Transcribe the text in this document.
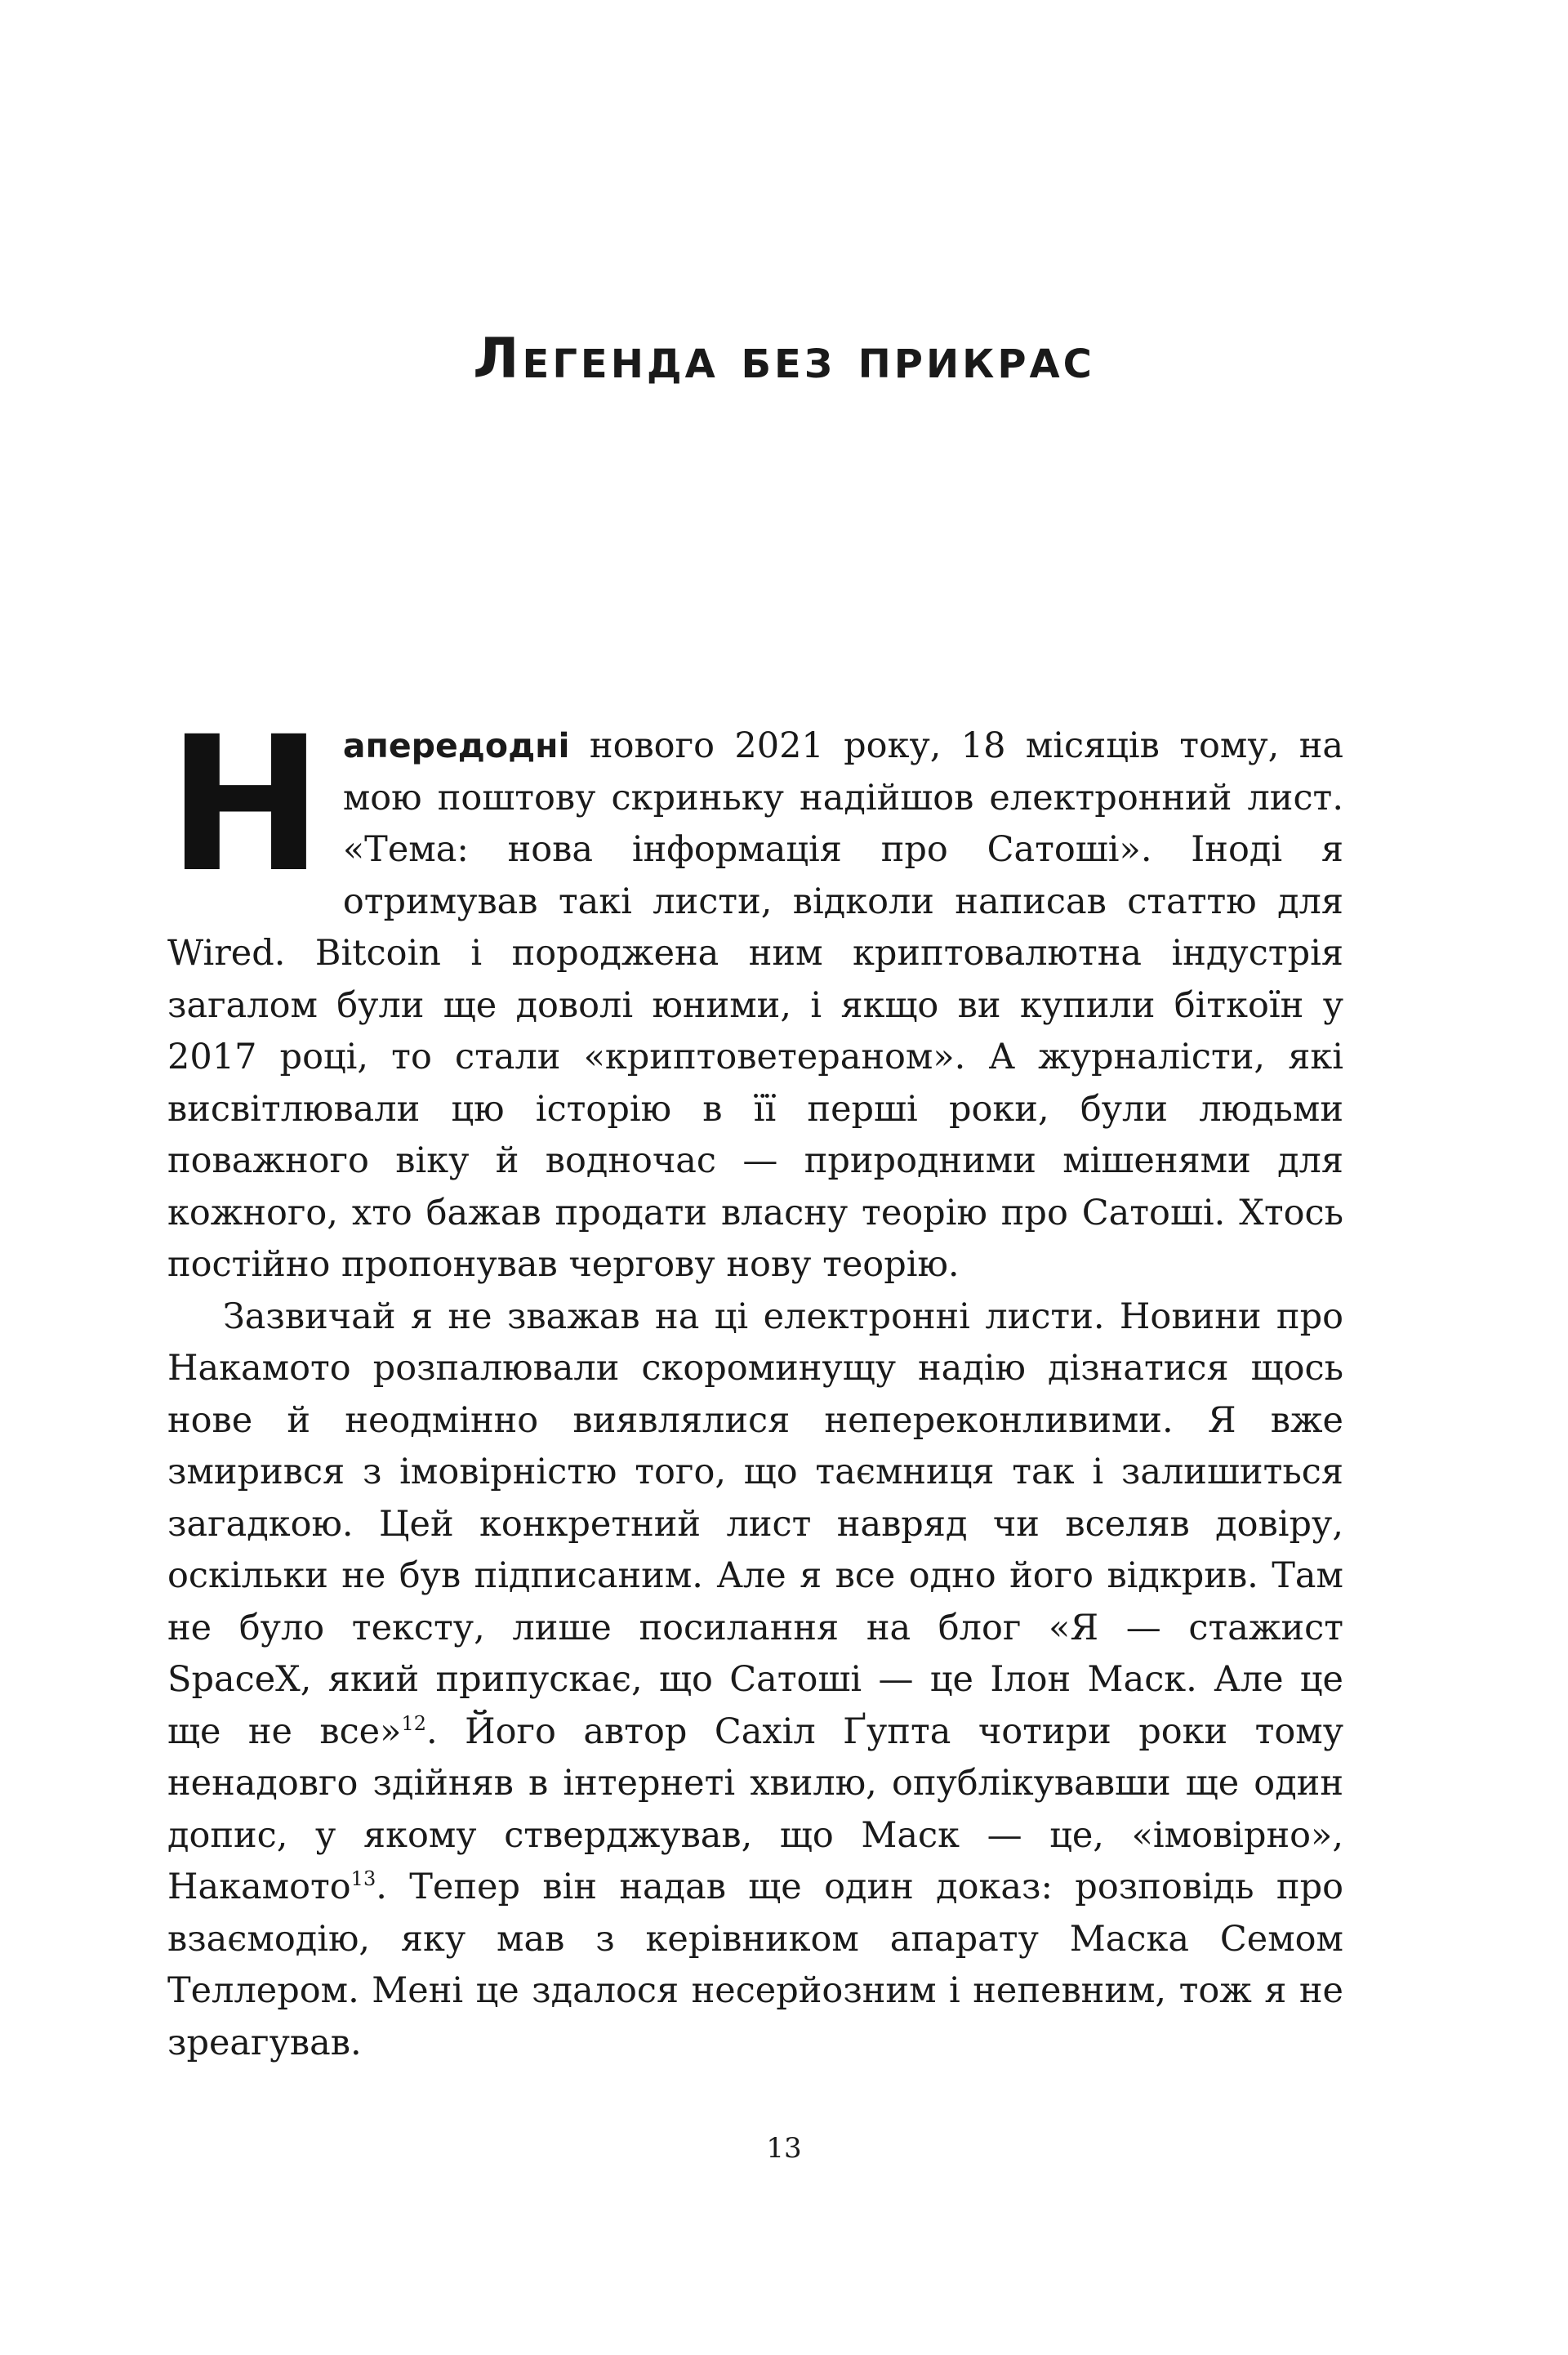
Легенда без прикрас

Напередодні нового 2021 року, 18 місяців тому, на мою поштову скриньку надійшов електронний лист. «Тема: нова інформація про Сатоші». Іноді я отримував такі листи, відколи написав статтю для Wired. Bitcoin і породжена ним криптовалютна індустрія загалом були ще доволі юними, і якщо ви купили біткоїн у 2017 році, то стали «криптоветераном». А журналісти, які висвітлювали цю історію в її перші роки, були людьми поважного віку й водночас — природними мішенями для кожного, хто бажав продати власну теорію про Сатоші. Хтось постійно пропонував чергову нову теорію.

Зазвичай я не зважав на ці електронні листи. Новини про Накамото розпалювали скороминущу надію дізнатися щось нове й неодмінно виявлялися непереконливими. Я вже змирився з імовірністю того, що таємниця так і залишиться загадкою. Цей конкретний лист навряд чи вселяв довіру, оскільки не був підписаним. Але я все одно його відкрив. Там не було тексту, лише посилання на блог «Я — стажист SpaceX, який припускає, що Сатоші — це Ілон Маск. Але це ще не все»$^{12}$. Його автор Сахіл Ґупта чотири роки тому ненадовго здійняв в інтернеті хвилю, опублікувавши ще один допис, у якому стверджував, що Маск — це, «імовірно», Накамото$^{13}$. Тепер він надав ще один доказ: розповідь про взаємодію, яку мав з керівником апарату Маска Семом Теллером. Мені це здалося несерйозним і непевним, тож я не зреагував.

13
